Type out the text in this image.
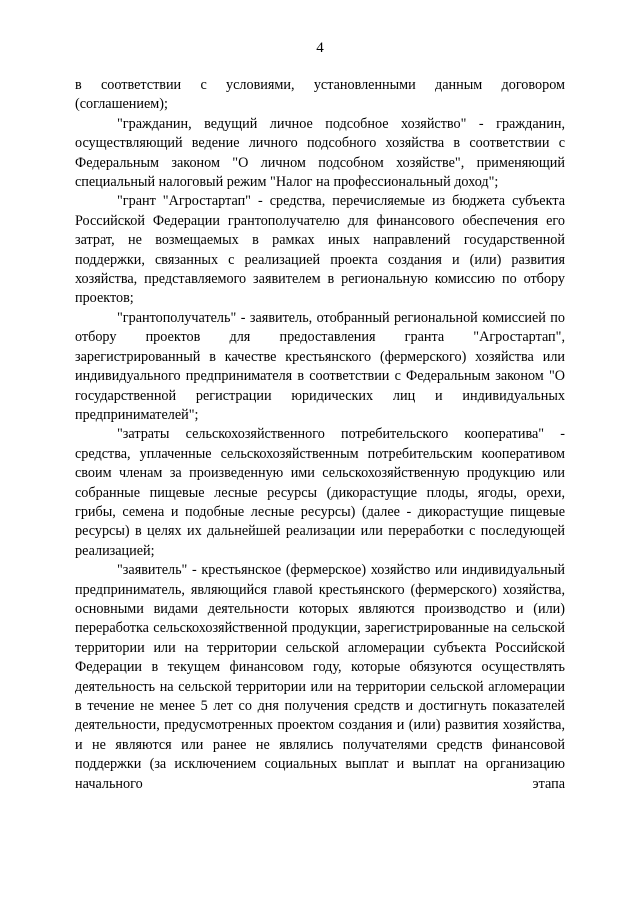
4

в соответствии с условиями, установленными данным договором (соглашением);

"гражданин, ведущий личное подсобное хозяйство" - гражданин, осуществляющий ведение личного подсобного хозяйства в соответствии с Федеральным законом "О личном подсобном хозяйстве", применяющий специальный налоговый режим "Налог на профессиональный доход";

"грант "Агростартап" - средства, перечисляемые из бюджета субъекта Российской Федерации грантополучателю для финансового обеспечения его затрат, не возмещаемых в рамках иных направлений государственной поддержки, связанных с реализацией проекта создания и (или) развития хозяйства, представляемого заявителем в региональную комиссию по отбору проектов;

"грантополучатель" - заявитель, отобранный региональной комиссией по отбору проектов для предоставления гранта "Агростартап", зарегистрированный в качестве крестьянского (фермерского) хозяйства или индивидуального предпринимателя в соответствии с Федеральным законом "О государственной регистрации юридических лиц и индивидуальных предпринимателей";

"затраты сельскохозяйственного потребительского кооператива" - средства, уплаченные сельскохозяйственным потребительским кооперативом своим членам за произведенную ими сельскохозяйственную продукцию или собранные пищевые лесные ресурсы (дикорастущие плоды, ягоды, орехи, грибы, семена и подобные лесные ресурсы) (далее - дикорастущие пищевые ресурсы) в целях их дальнейшей реализации или переработки с последующей реализацией;

"заявитель" - крестьянское (фермерское) хозяйство или индивидуальный предприниматель, являющийся главой крестьянского (фермерского) хозяйства, основными видами деятельности которых являются производство и (или) переработка сельскохозяйственной продукции, зарегистрированные на сельской территории или на территории сельской агломерации субъекта Российской Федерации в текущем финансовом году, которые обязуются осуществлять деятельность на сельской территории или на территории сельской агломерации в течение не менее 5 лет со дня получения средств и достигнуть показателей деятельности, предусмотренных проектом создания и (или) развития хозяйства, и не являются или ранее не являлись получателями средств финансовой поддержки (за исключением социальных выплат и выплат на организацию начального этапа
